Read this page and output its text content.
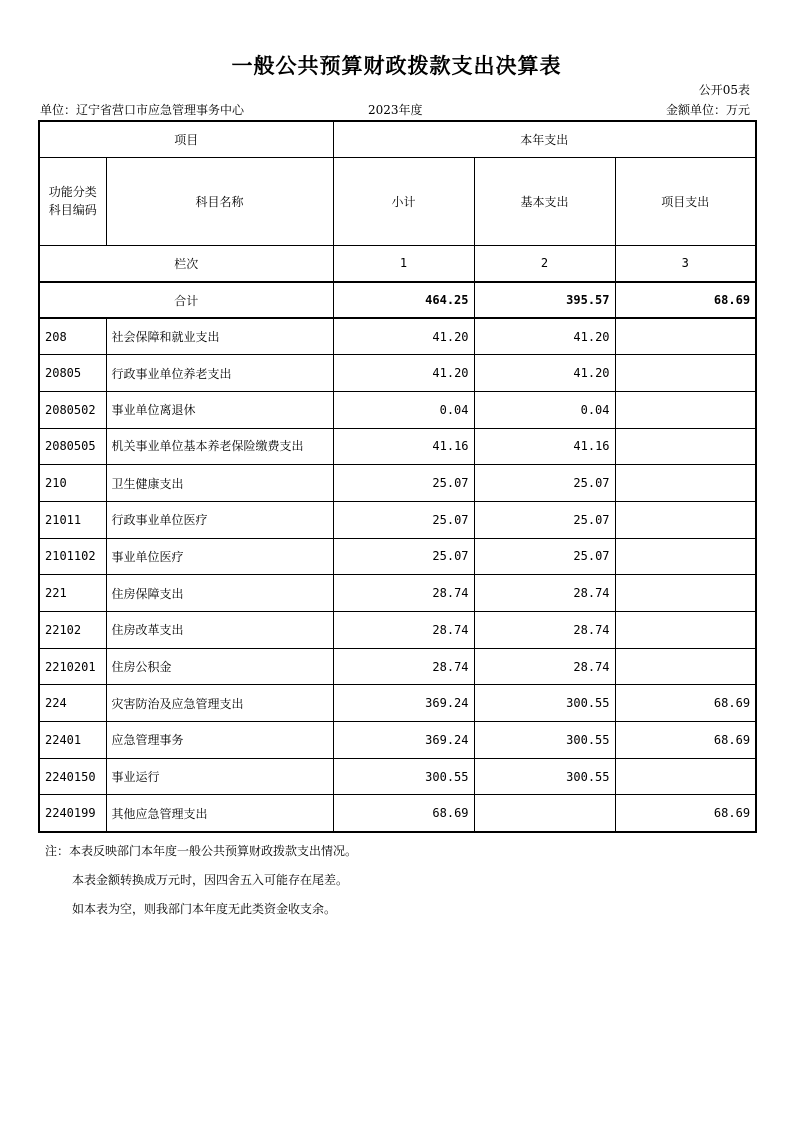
一般公共预算财政拨款支出决算表
公开05表
单位：辽宁省营口市应急管理事务中心	2023年度	金额单位：万元
项目		本年支出		

功能分类
科目编码	科目名称	小计	基本支出	项目支出
栏次		1	2	3
合计		464.25	395.57	68.69
208	社会保障和就业支出	41.20	41.20	
20805	行政事业单位养老支出	41.20	41.20	
2080502	事业单位离退休	0.04	0.04	
2080505	机关事业单位基本养老保险缴费支出	41.16	41.16	
210	卫生健康支出	25.07	25.07	
21011	行政事业单位医疗	25.07	25.07	
2101102	事业单位医疗	25.07	25.07	
221	住房保障支出	28.74	28.74	
22102	住房改革支出	28.74	28.74	
2210201	住房公积金	28.74	28.74	
224	灾害防治及应急管理支出	369.24	300.55	68.69
22401	应急管理事务	369.24	300.55	68.69
2240150	事业运行	300.55	300.55	
2240199	其他应急管理支出	68.69		68.69
注：本表反映部门本年度一般公共预算财政拨款支出情况。
本表金额转换成万元时，因四舍五入可能存在尾差。
如本表为空，则我部门本年度无此类资金收支余。
